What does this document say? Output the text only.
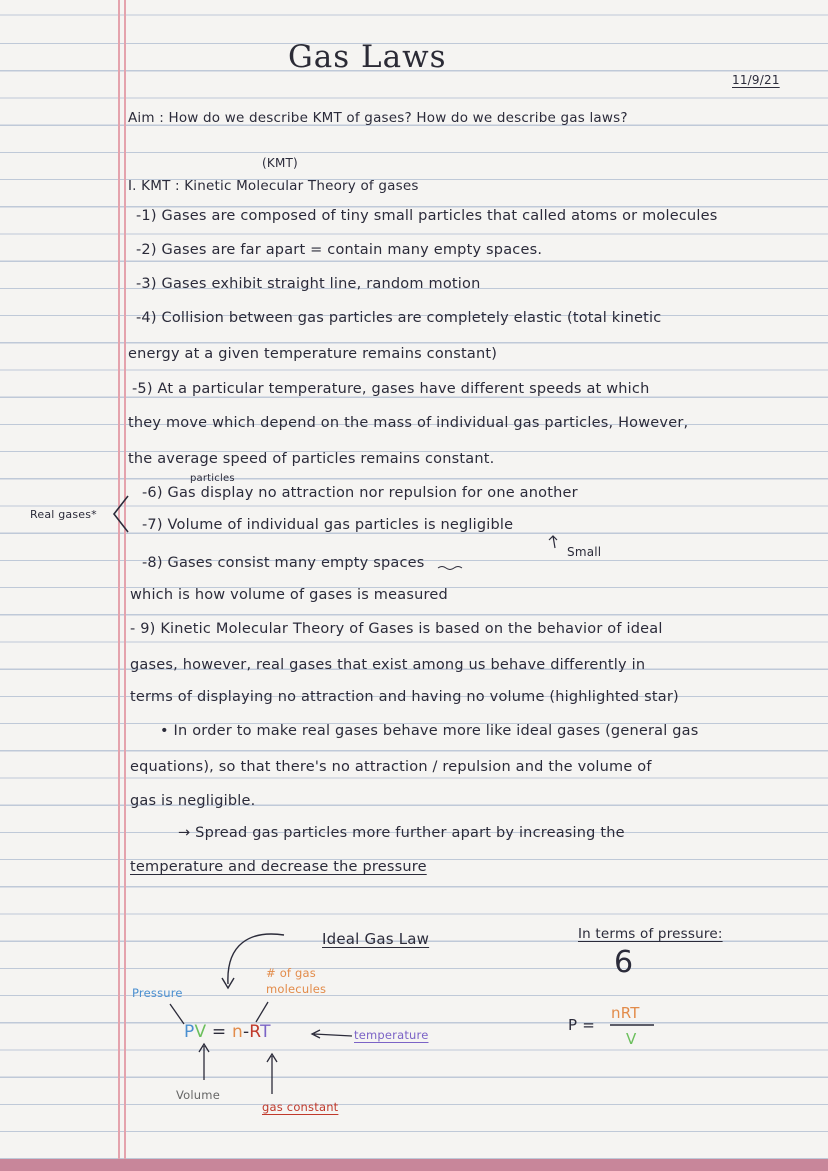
Gas Laws
11/9/21
Aim : How do we describe KMT of gases? How do we describe gas laws?
(KMT)
I. KMT : Kinetic Molecular Theory of gases
-1) Gases are composed of tiny small particles that called atoms or molecules
-2) Gases are far apart = contain many empty spaces.
-3) Gases exhibit straight line, random motion
-4) Collision between gas particles are completely elastic (total kinetic
energy at a given temperature remains constant)
-5) At a particular temperature, gases have different speeds at which
they move which depend on the mass of individual gas particles, However,
the average speed of particles remains constant.
particles
-6) Gas display no attraction nor repulsion for one another
Real gases*
-7) Volume of individual gas particles is negligible
Small
-8) Gases consist many empty spaces
which is how volume of gases is measured
- 9) Kinetic Molecular Theory of Gases is based on the behavior of ideal
gases, however, real gases that exist among us behave differently in
terms of displaying no attraction and having no volume (highlighted star)
• In order to make real gases behave more like ideal gases (general gas
equations), so that there's no attraction / repulsion and the volume of
gas is negligible.
→ Spread gas particles more further apart by increasing the
temperature and decrease the pressure
Ideal Gas Law
# of gas
molecules
Pressure
PV = n-RT	temperature
Volume
gas constant
In terms of pressure:
6
P =
nRT
V
